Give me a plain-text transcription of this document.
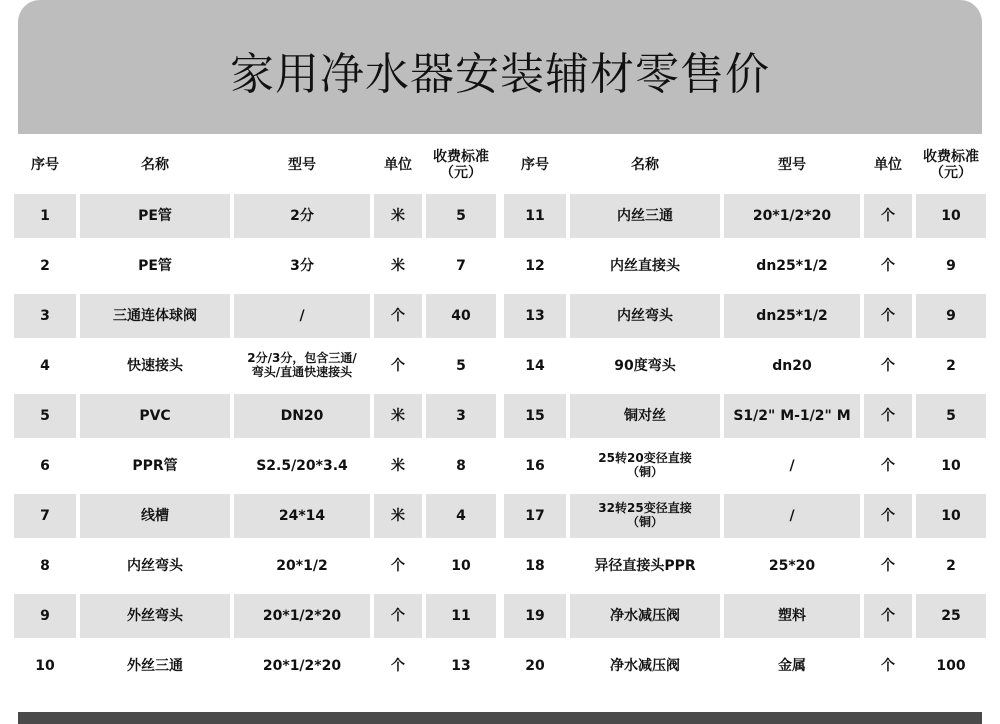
家用净水器安装辅材零售价
序号	名称	型号	单位
收费标准
（元）
1	PE管	2分	米	5
2	PE管	3分	米	7
3	三通连体球阀	/	个	40
4	快速接头	2分/3分，包含三通/
弯头/直通快速接头	个	5
5	PVC	DN20	米	3
6	PPR管	S2.5/20*3.4	米	8
7	线槽	24*14	米	4
8	内丝弯头	20*1/2	个	10
9	外丝弯头	20*1/2*20	个	11
10	外丝三通	20*1/2*20	个	13
序号	名称	型号	单位
收费标准
（元）
11	内丝三通	20*1/2*20	个	10
12	内丝直接头	dn25*1/2	个	9
13	内丝弯头	dn25*1/2	个	9
14	90度弯头	dn20	个	2
15	铜对丝	S1/2" M-1/2" M	个	5
16	25转20变径直接
（铜）	/	个	10
17	32转25变径直接
（铜）	/	个	10
18	异径直接头PPR	25*20	个	2
19	净水减压阀	塑料	个	25
20	净水减压阀	金属	个	100
